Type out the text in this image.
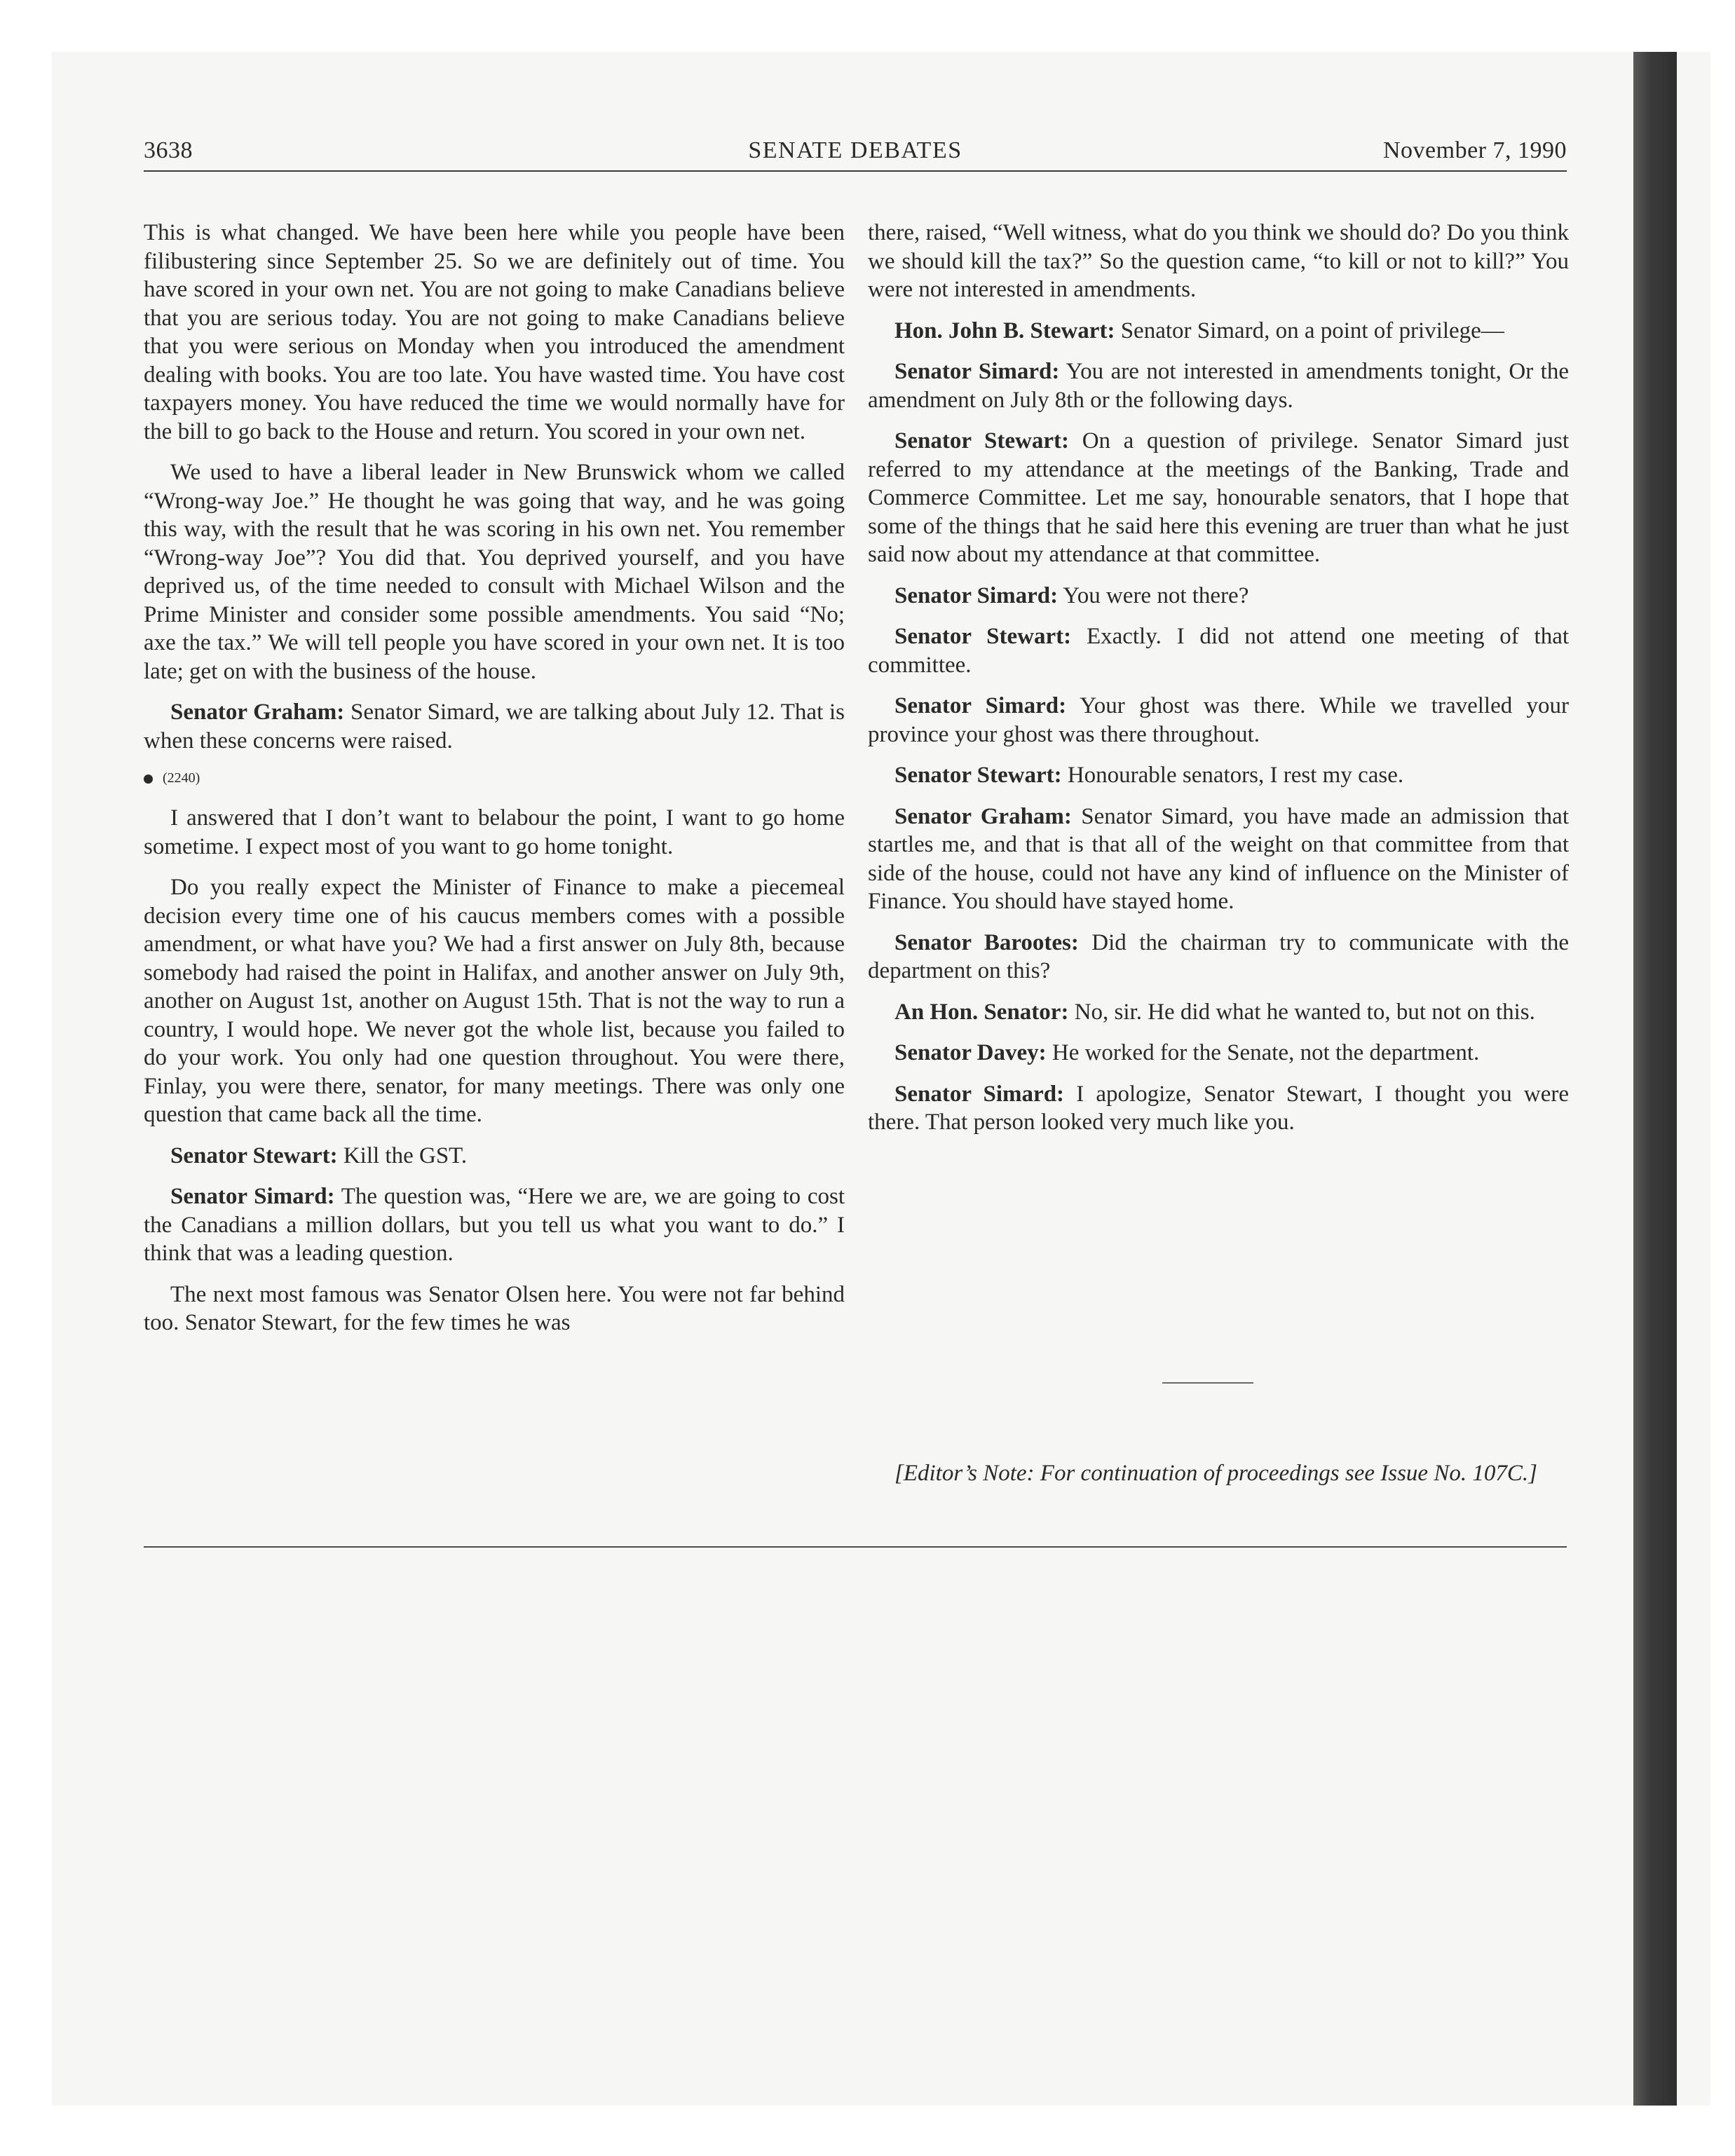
3638	SENATE DEBATES	November 7, 1990

This is what changed. We have been here while you people have been filibustering since September 25. So we are definitely out of time. You have scored in your own net. You are not going to make Canadians believe that you are serious today. You are not going to make Canadians believe that you were serious on Monday when you introduced the amendment dealing with books. You are too late. You have wasted time. You have cost taxpayers money. You have reduced the time we would normally have for the bill to go back to the House and return. You scored in your own net.

We used to have a liberal leader in New Brunswick whom we called “Wrong-way Joe.” He thought he was going that way, and he was going this way, with the result that he was scoring in his own net. You remember “Wrong-way Joe”? You did that. You deprived yourself, and you have deprived us, of the time needed to consult with Michael Wilson and the Prime Minister and consider some possible amendments. You said “No; axe the tax.” We will tell people you have scored in your own net. It is too late; get on with the business of the house.

Senator Graham: Senator Simard, we are talking about July 12. That is when these concerns were raised.

(2240)

I answered that I don’t want to belabour the point, I want to go home sometime. I expect most of you want to go home tonight.

Do you really expect the Minister of Finance to make a piecemeal decision every time one of his caucus members comes with a possible amendment, or what have you? We had a first answer on July 8th, because somebody had raised the point in Halifax, and another answer on July 9th, another on August 1st, another on August 15th. That is not the way to run a country, I would hope. We never got the whole list, because you failed to do your work. You only had one question throughout. You were there, Finlay, you were there, senator, for many meetings. There was only one question that came back all the time.

Senator Stewart: Kill the GST.

Senator Simard: The question was, “Here we are, we are going to cost the Canadians a million dollars, but you tell us what you want to do.” I think that was a leading question.

The next most famous was Senator Olsen here. You were not far behind too. Senator Stewart, for the few times he was

there, raised, “Well witness, what do you think we should do? Do you think we should kill the tax?” So the question came, “to kill or not to kill?” You were not interested in amendments.

Hon. John B. Stewart: Senator Simard, on a point of privilege—

Senator Simard: You are not interested in amendments tonight, Or the amendment on July 8th or the following days.

Senator Stewart: On a question of privilege. Senator Simard just referred to my attendance at the meetings of the Banking, Trade and Commerce Committee. Let me say, honourable senators, that I hope that some of the things that he said here this evening are truer than what he just said now about my attendance at that committee.

Senator Simard: You were not there?

Senator Stewart: Exactly. I did not attend one meeting of that committee.

Senator Simard: Your ghost was there. While we travelled your province your ghost was there throughout.

Senator Stewart: Honourable senators, I rest my case.

Senator Graham: Senator Simard, you have made an admission that startles me, and that is that all of the weight on that committee from that side of the house, could not have any kind of influence on the Minister of Finance. You should have stayed home.

Senator Barootes: Did the chairman try to communicate with the department on this?

An Hon. Senator: No, sir. He did what he wanted to, but not on this.

Senator Davey: He worked for the Senate, not the department.

Senator Simard: I apologize, Senator Stewart, I thought you were there. That person looked very much like you.

[Editor’s Note: For continuation of proceedings see Issue No. 107C.]
